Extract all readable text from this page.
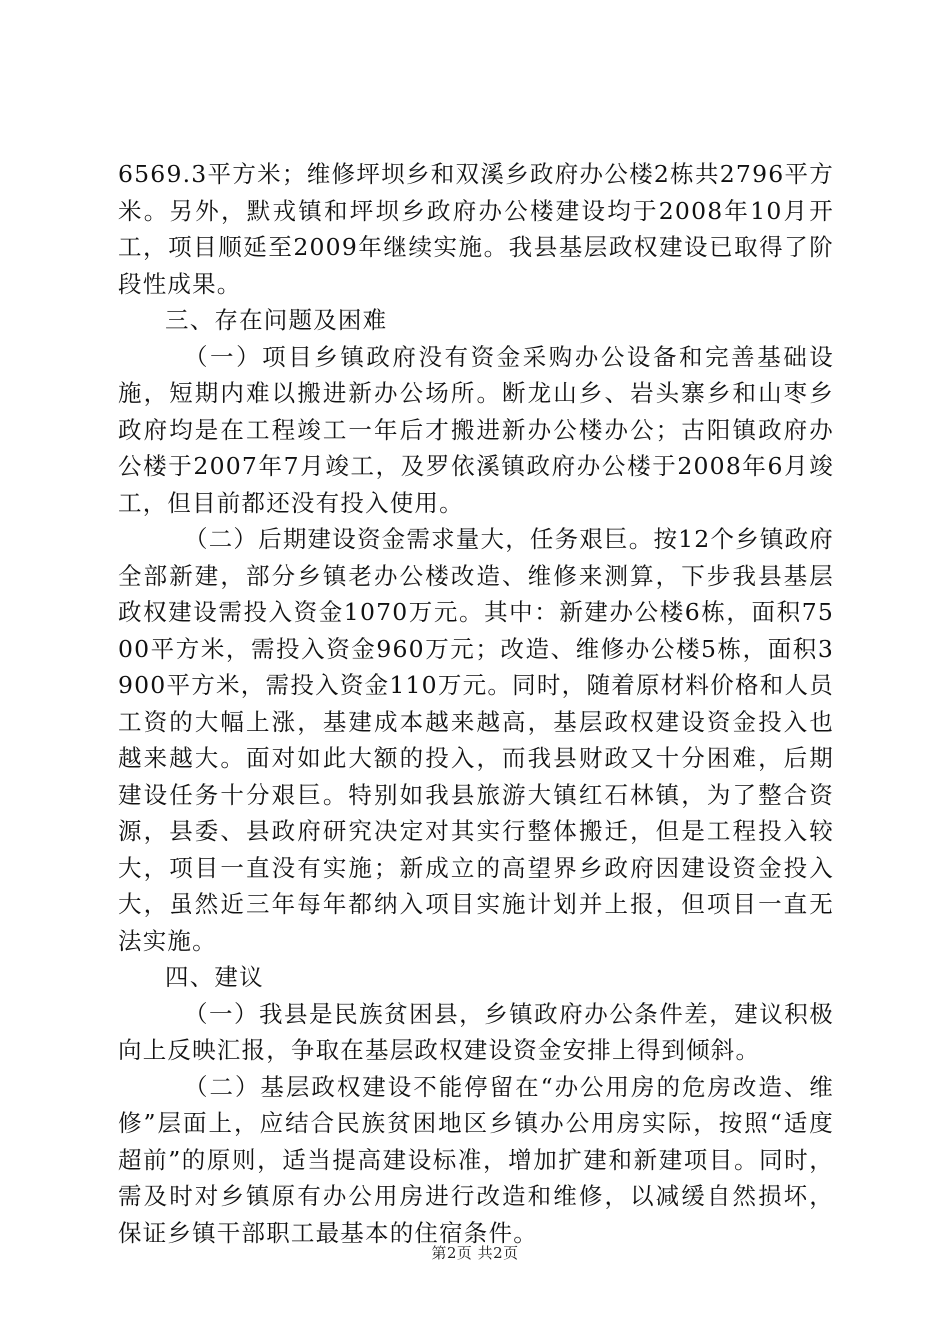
6569.3平方米；维修坪坝乡和双溪乡政府办公楼2栋共2796平方米。另外，默戎镇和坪坝乡政府办公楼建设均于2008年10月开工，项目顺延至2009年继续实施。我县基层政权建设已取得了阶段性成果。

三、存在问题及困难

（一）项目乡镇政府没有资金采购办公设备和完善基础设施，短期内难以搬进新办公场所。断龙山乡、岩头寨乡和山枣乡政府均是在工程竣工一年后才搬进新办公楼办公；古阳镇政府办公楼于2007年7月竣工，及罗依溪镇政府办公楼于2008年6月竣工，但目前都还没有投入使用。

（二）后期建设资金需求量大，任务艰巨。按12个乡镇政府全部新建，部分乡镇老办公楼改造、维修来测算，下步我县基层政权建设需投入资金1070万元。其中：新建办公楼6栋，面积7500平方米，需投入资金960万元；改造、维修办公楼5栋，面积3900平方米，需投入资金110万元。同时，随着原材料价格和人员工资的大幅上涨，基建成本越来越高，基层政权建设资金投入也越来越大。面对如此大额的投入，而我县财政又十分困难，后期建设任务十分艰巨。特别如我县旅游大镇红石林镇，为了整合资源，县委、县政府研究决定对其实行整体搬迁，但是工程投入较大，项目一直没有实施；新成立的高望界乡政府因建设资金投入大，虽然近三年每年都纳入项目实施计划并上报，但项目一直无法实施。

四、建议

（一）我县是民族贫困县，乡镇政府办公条件差，建议积极向上反映汇报，争取在基层政权建设资金安排上得到倾斜。

（二）基层政权建设不能停留在“办公用房的危房改造、维修”层面上，应结合民族贫困地区乡镇办公用房实际，按照“适度超前”的原则，适当提高建设标准，增加扩建和新建项目。同时，需及时对乡镇原有办公用房进行改造和维修，以减缓自然损坏，保证乡镇干部职工最基本的住宿条件。

第2页 共2页
